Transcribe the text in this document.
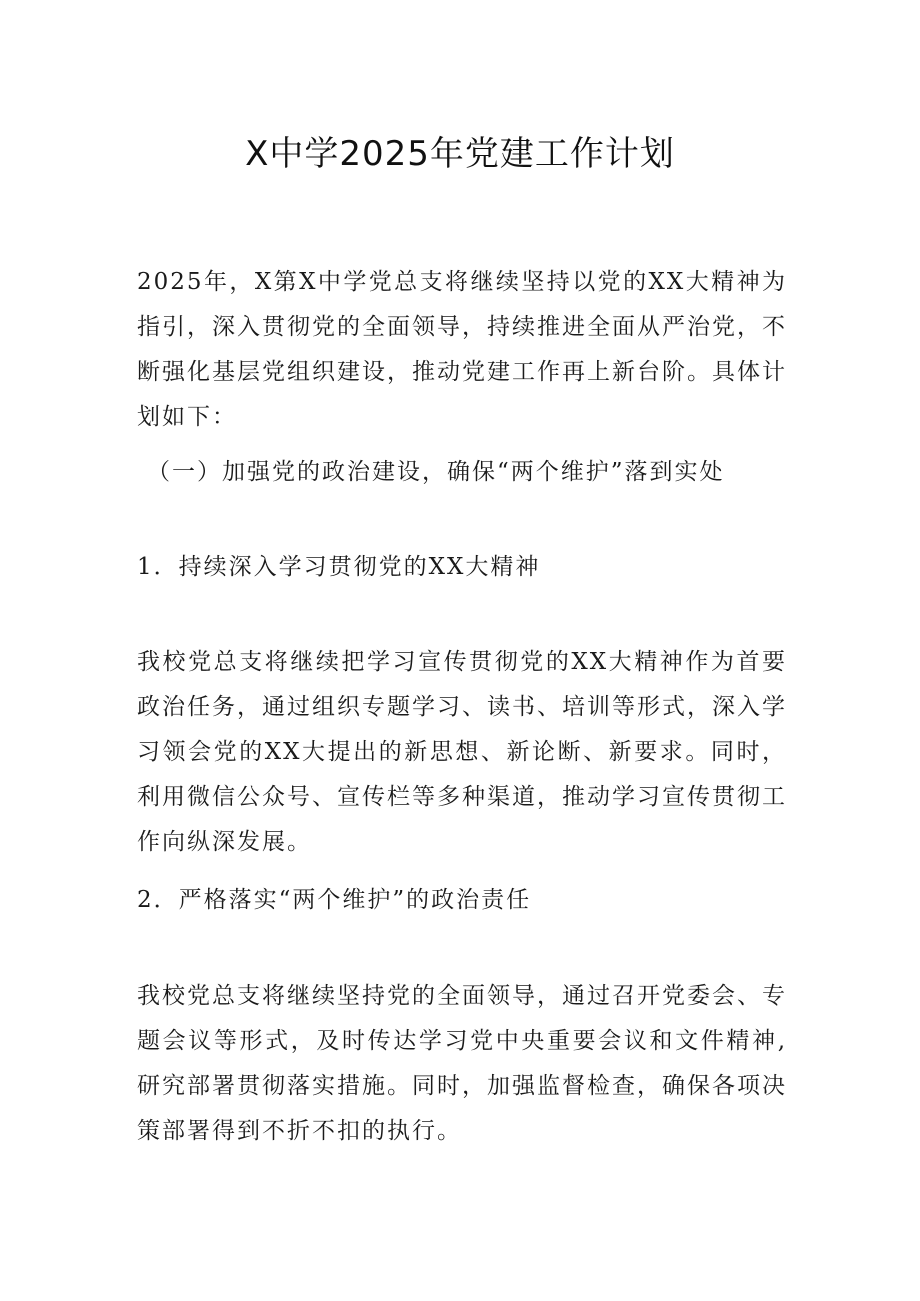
X中学2025年党建工作计划

2025年，X第X中学党总支将继续坚持以党的XX大精神为指引，深入贯彻党的全面领导，持续推进全面从严治党，不断强化基层党组织建设，推动党建工作再上新台阶。具体计划如下：

（一）加强党的政治建设，确保“两个维护”落到实处

1．持续深入学习贯彻党的XX大精神

我校党总支将继续把学习宣传贯彻党的XX大精神作为首要政治任务，通过组织专题学习、读书、培训等形式，深入学习领会党的XX大提出的新思想、新论断、新要求。同时，利用微信公众号、宣传栏等多种渠道，推动学习宣传贯彻工作向纵深发展。

2．严格落实“两个维护”的政治责任

我校党总支将继续坚持党的全面领导，通过召开党委会、专题会议等形式，及时传达学习党中央重要会议和文件精神,研究部署贯彻落实措施。同时，加强监督检查，确保各项决策部署得到不折不扣的执行。
